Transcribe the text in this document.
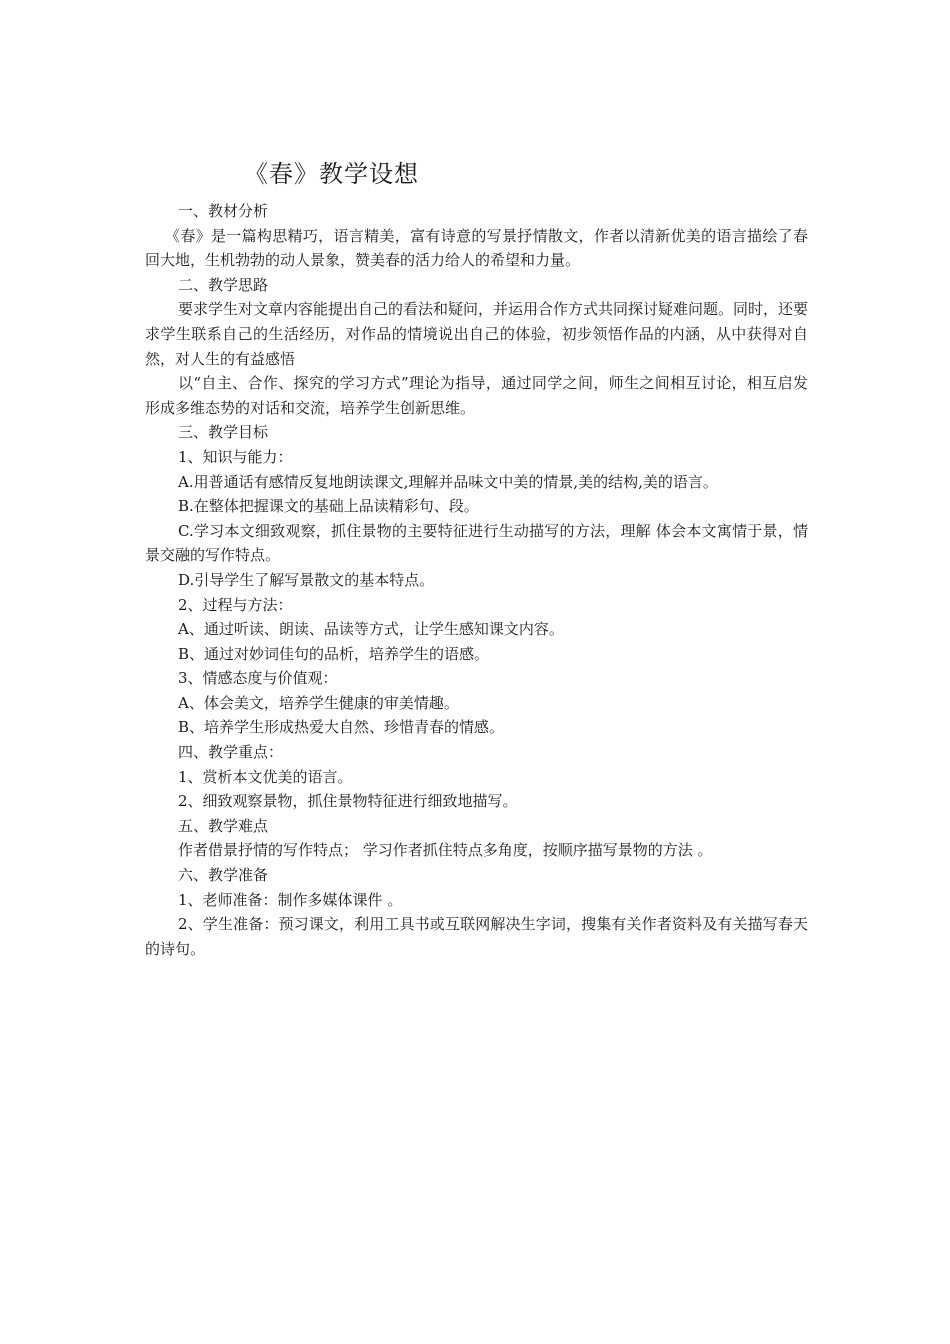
《春》教学设想

一、教材分析

《春》是一篇构思精巧，语言精美，富有诗意的写景抒情散文，作者以清新优美的语言描绘了春回大地，生机勃勃的动人景象，赞美春的活力给人的希望和力量。

二、教学思路

要求学生对文章内容能提出自己的看法和疑问，并运用合作方式共同探讨疑难问题。同时，还要求学生联系自己的生活经历，对作品的情境说出自己的体验，初步领悟作品的内涵，从中获得对自然，对人生的有益感悟

以“自主、合作、探究的学习方式”理论为指导，通过同学之间，师生之间相互讨论，相互启发形成多维态势的对话和交流，培养学生创新思维。

三、教学目标

1、知识与能力：

A.用普通话有感情反复地朗读课文,理解并品味文中美的情景,美的结构,美的语言。

B.在整体把握课文的基础上品读精彩句、段。

C.学习本文细致观察，抓住景物的主要特征进行生动描写的方法，理解 体会本文寓情于景，情景交融的写作特点。

D.引导学生了解写景散文的基本特点。

2、过程与方法：

A、通过听读、朗读、品读等方式，让学生感知课文内容。

B、通过对妙词佳句的品析，培养学生的语感。

3、情感态度与价值观：

A、体会美文，培养学生健康的审美情趣。

B、培养学生形成热爱大自然、珍惜青春的情感。

四、教学重点：

1、赏析本文优美的语言。

2、细致观察景物，抓住景物特征进行细致地描写。

五、教学难点

作者借景抒情的写作特点； 学习作者抓住特点多角度，按顺序描写景物的方法 。

六、教学准备

1、老师准备：制作多媒体课件 。

2、学生准备：预习课文，利用工具书或互联网解决生字词，搜集有关作者资料及有关描写春天的诗句。
